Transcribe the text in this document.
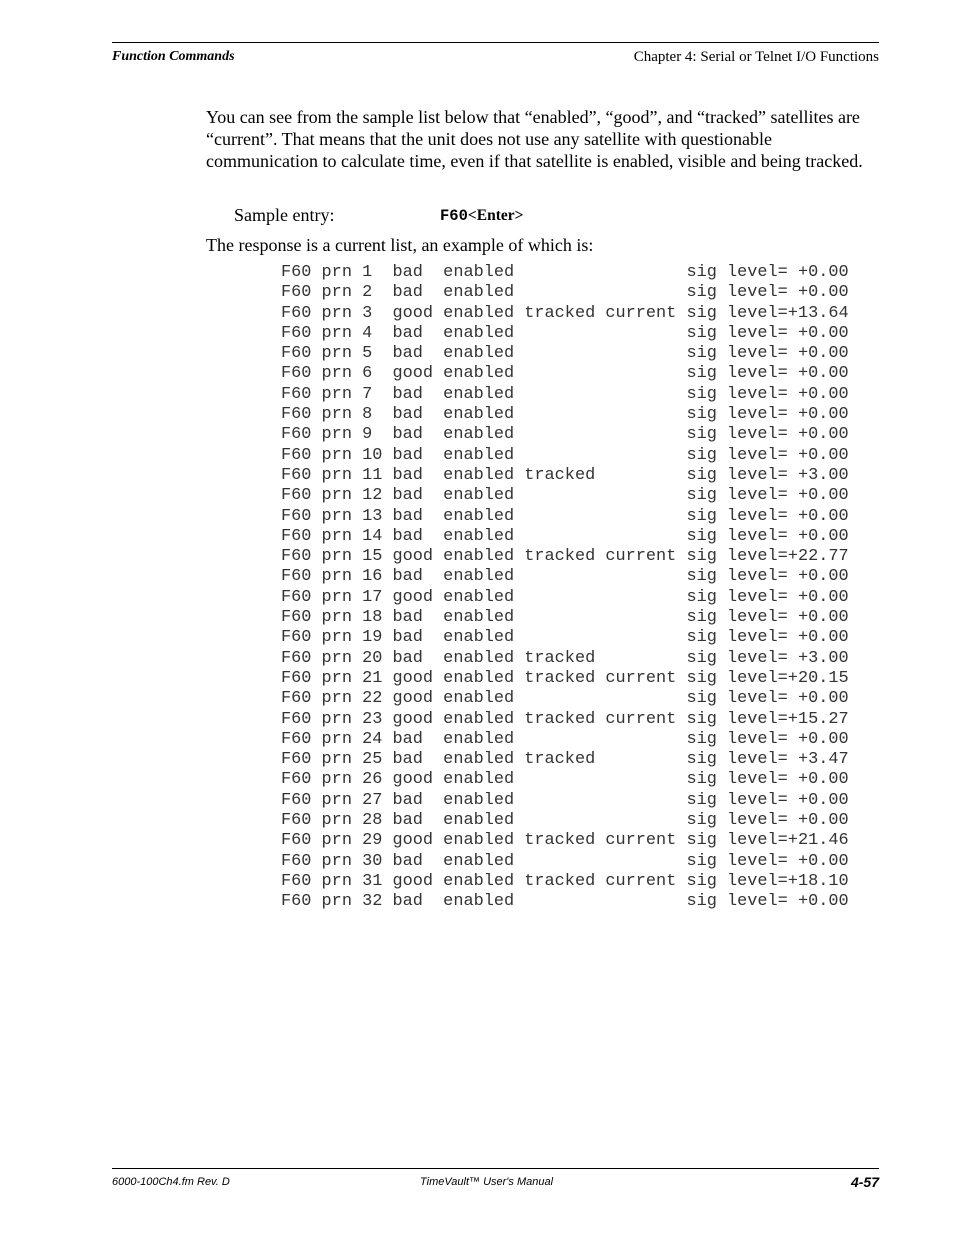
Function Commands	Chapter 4: Serial or Telnet I/O Functions

You can see from the sample list below that “enabled”, “good”, and “tracked” satellites are “current”. That means that the unit does not use any satellite with questionable communication to calculate time, even if that satellite is enabled, visible and being tracked.

Sample entry:	F60<Enter>
The response is a current list, an example of which is:
F60 prn 1  bad  enabled                 sig level= +0.00
F60 prn 2  bad  enabled                 sig level= +0.00
F60 prn 3  good enabled tracked current sig level=+13.64
F60 prn 4  bad  enabled                 sig level= +0.00
F60 prn 5  bad  enabled                 sig level= +0.00
F60 prn 6  good enabled                 sig level= +0.00
F60 prn 7  bad  enabled                 sig level= +0.00
F60 prn 8  bad  enabled                 sig level= +0.00
F60 prn 9  bad  enabled                 sig level= +0.00
F60 prn 10 bad  enabled                 sig level= +0.00
F60 prn 11 bad  enabled tracked         sig level= +3.00
F60 prn 12 bad  enabled                 sig level= +0.00
F60 prn 13 bad  enabled                 sig level= +0.00
F60 prn 14 bad  enabled                 sig level= +0.00
F60 prn 15 good enabled tracked current sig level=+22.77
F60 prn 16 bad  enabled                 sig level= +0.00
F60 prn 17 good enabled                 sig level= +0.00
F60 prn 18 bad  enabled                 sig level= +0.00
F60 prn 19 bad  enabled                 sig level= +0.00
F60 prn 20 bad  enabled tracked         sig level= +3.00
F60 prn 21 good enabled tracked current sig level=+20.15
F60 prn 22 good enabled                 sig level= +0.00
F60 prn 23 good enabled tracked current sig level=+15.27
F60 prn 24 bad  enabled                 sig level= +0.00
F60 prn 25 bad  enabled tracked         sig level= +3.47
F60 prn 26 good enabled                 sig level= +0.00
F60 prn 27 bad  enabled                 sig level= +0.00
F60 prn 28 bad  enabled                 sig level= +0.00
F60 prn 29 good enabled tracked current sig level=+21.46
F60 prn 30 bad  enabled                 sig level= +0.00
F60 prn 31 good enabled tracked current sig level=+18.10
F60 prn 32 bad  enabled                 sig level= +0.00
6000-100Ch4.fm Rev. D	TimeVault™ User's Manual	4-57
